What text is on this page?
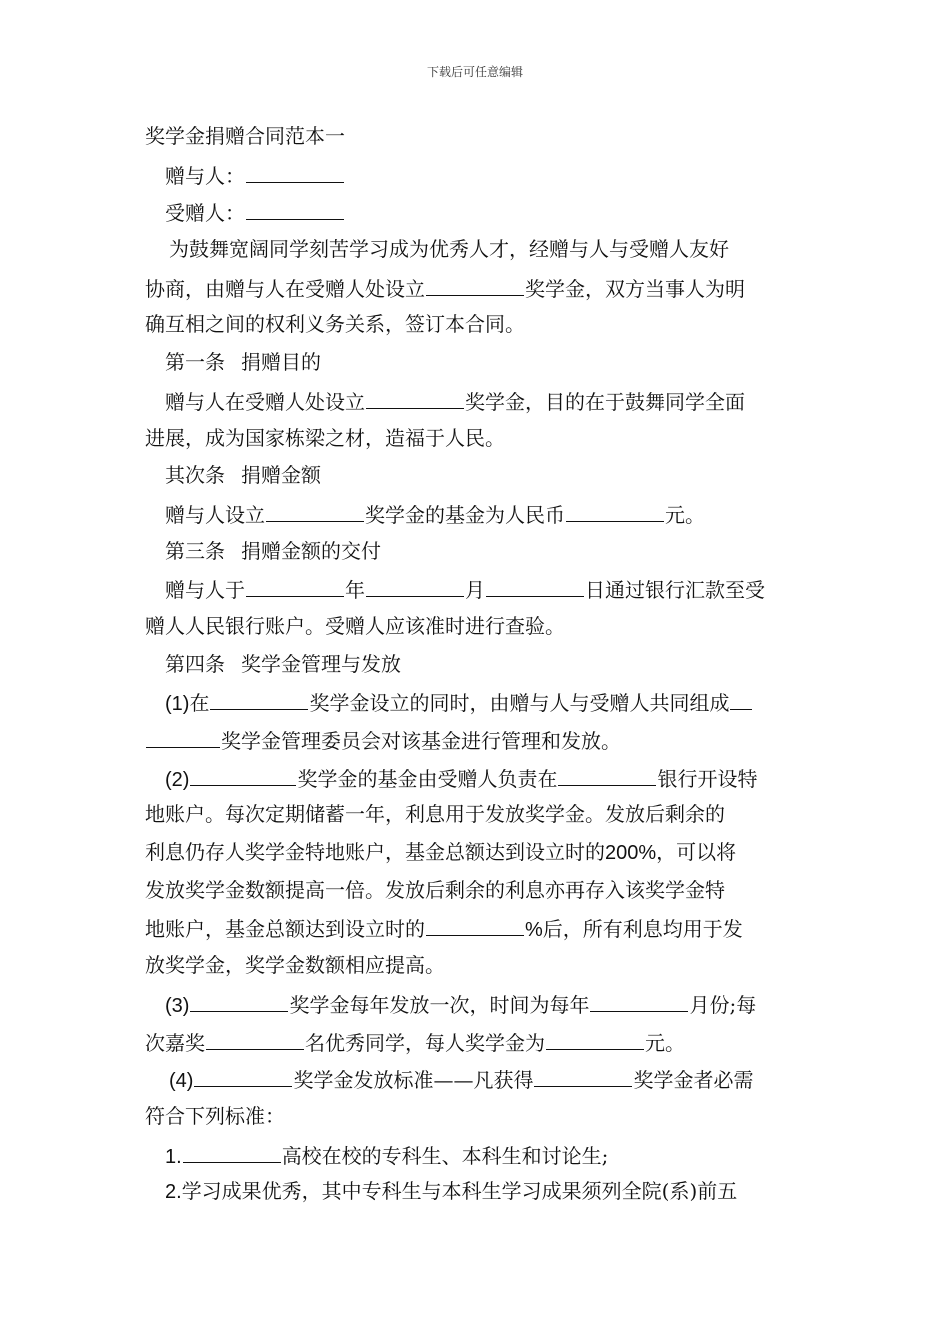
下载后可任意编辑
奖学金捐赠合同范本一
赠与人：
受赠人：
为鼓舞宽阔同学刻苦学习成为优秀人才，经赠与人与受赠人友好
协商，由赠与人在受赠人处设立	奖学金，双方当事人为明
确互相之间的权利义务关系，签订本合同。
第一条 捐赠目的
赠与人在受赠人处设立	奖学金，目的在于鼓舞同学全面
进展，成为国家栋梁之材，造福于人民。
其次条 捐赠金额
赠与人设立	奖学金的基金为人民币	元。
第三条 捐赠金额的交付
赠与人于	年	月	日通过银行汇款至受
赠人人民银行账户。受赠人应该准时进行查验。
第四条 奖学金管理与发放
(1)在	奖学金设立的同时，由赠与人与受赠人共同组成
奖学金管理委员会对该基金进行管理和发放。
(2)	奖学金的基金由受赠人负责在	银行开设特
地账户。每次定期储蓄一年，利息用于发放奖学金。发放后剩余的
利息仍存人奖学金特地账户，基金总额达到设立时的200%，可以将
发放奖学金数额提高一倍。发放后剩余的利息亦再存入该奖学金特
地账户，基金总额达到设立时的	%后，所有利息均用于发
放奖学金，奖学金数额相应提高。
(3)	奖学金每年发放一次，时间为每年	月份;每
次嘉奖	名优秀同学，每人奖学金为	元。
(4)	奖学金发放标准——凡获得	奖学金者必需
符合下列标准：
1.	高校在校的专科生、本科生和讨论生;
2.学习成果优秀，其中专科生与本科生学习成果须列全院(系)前五
